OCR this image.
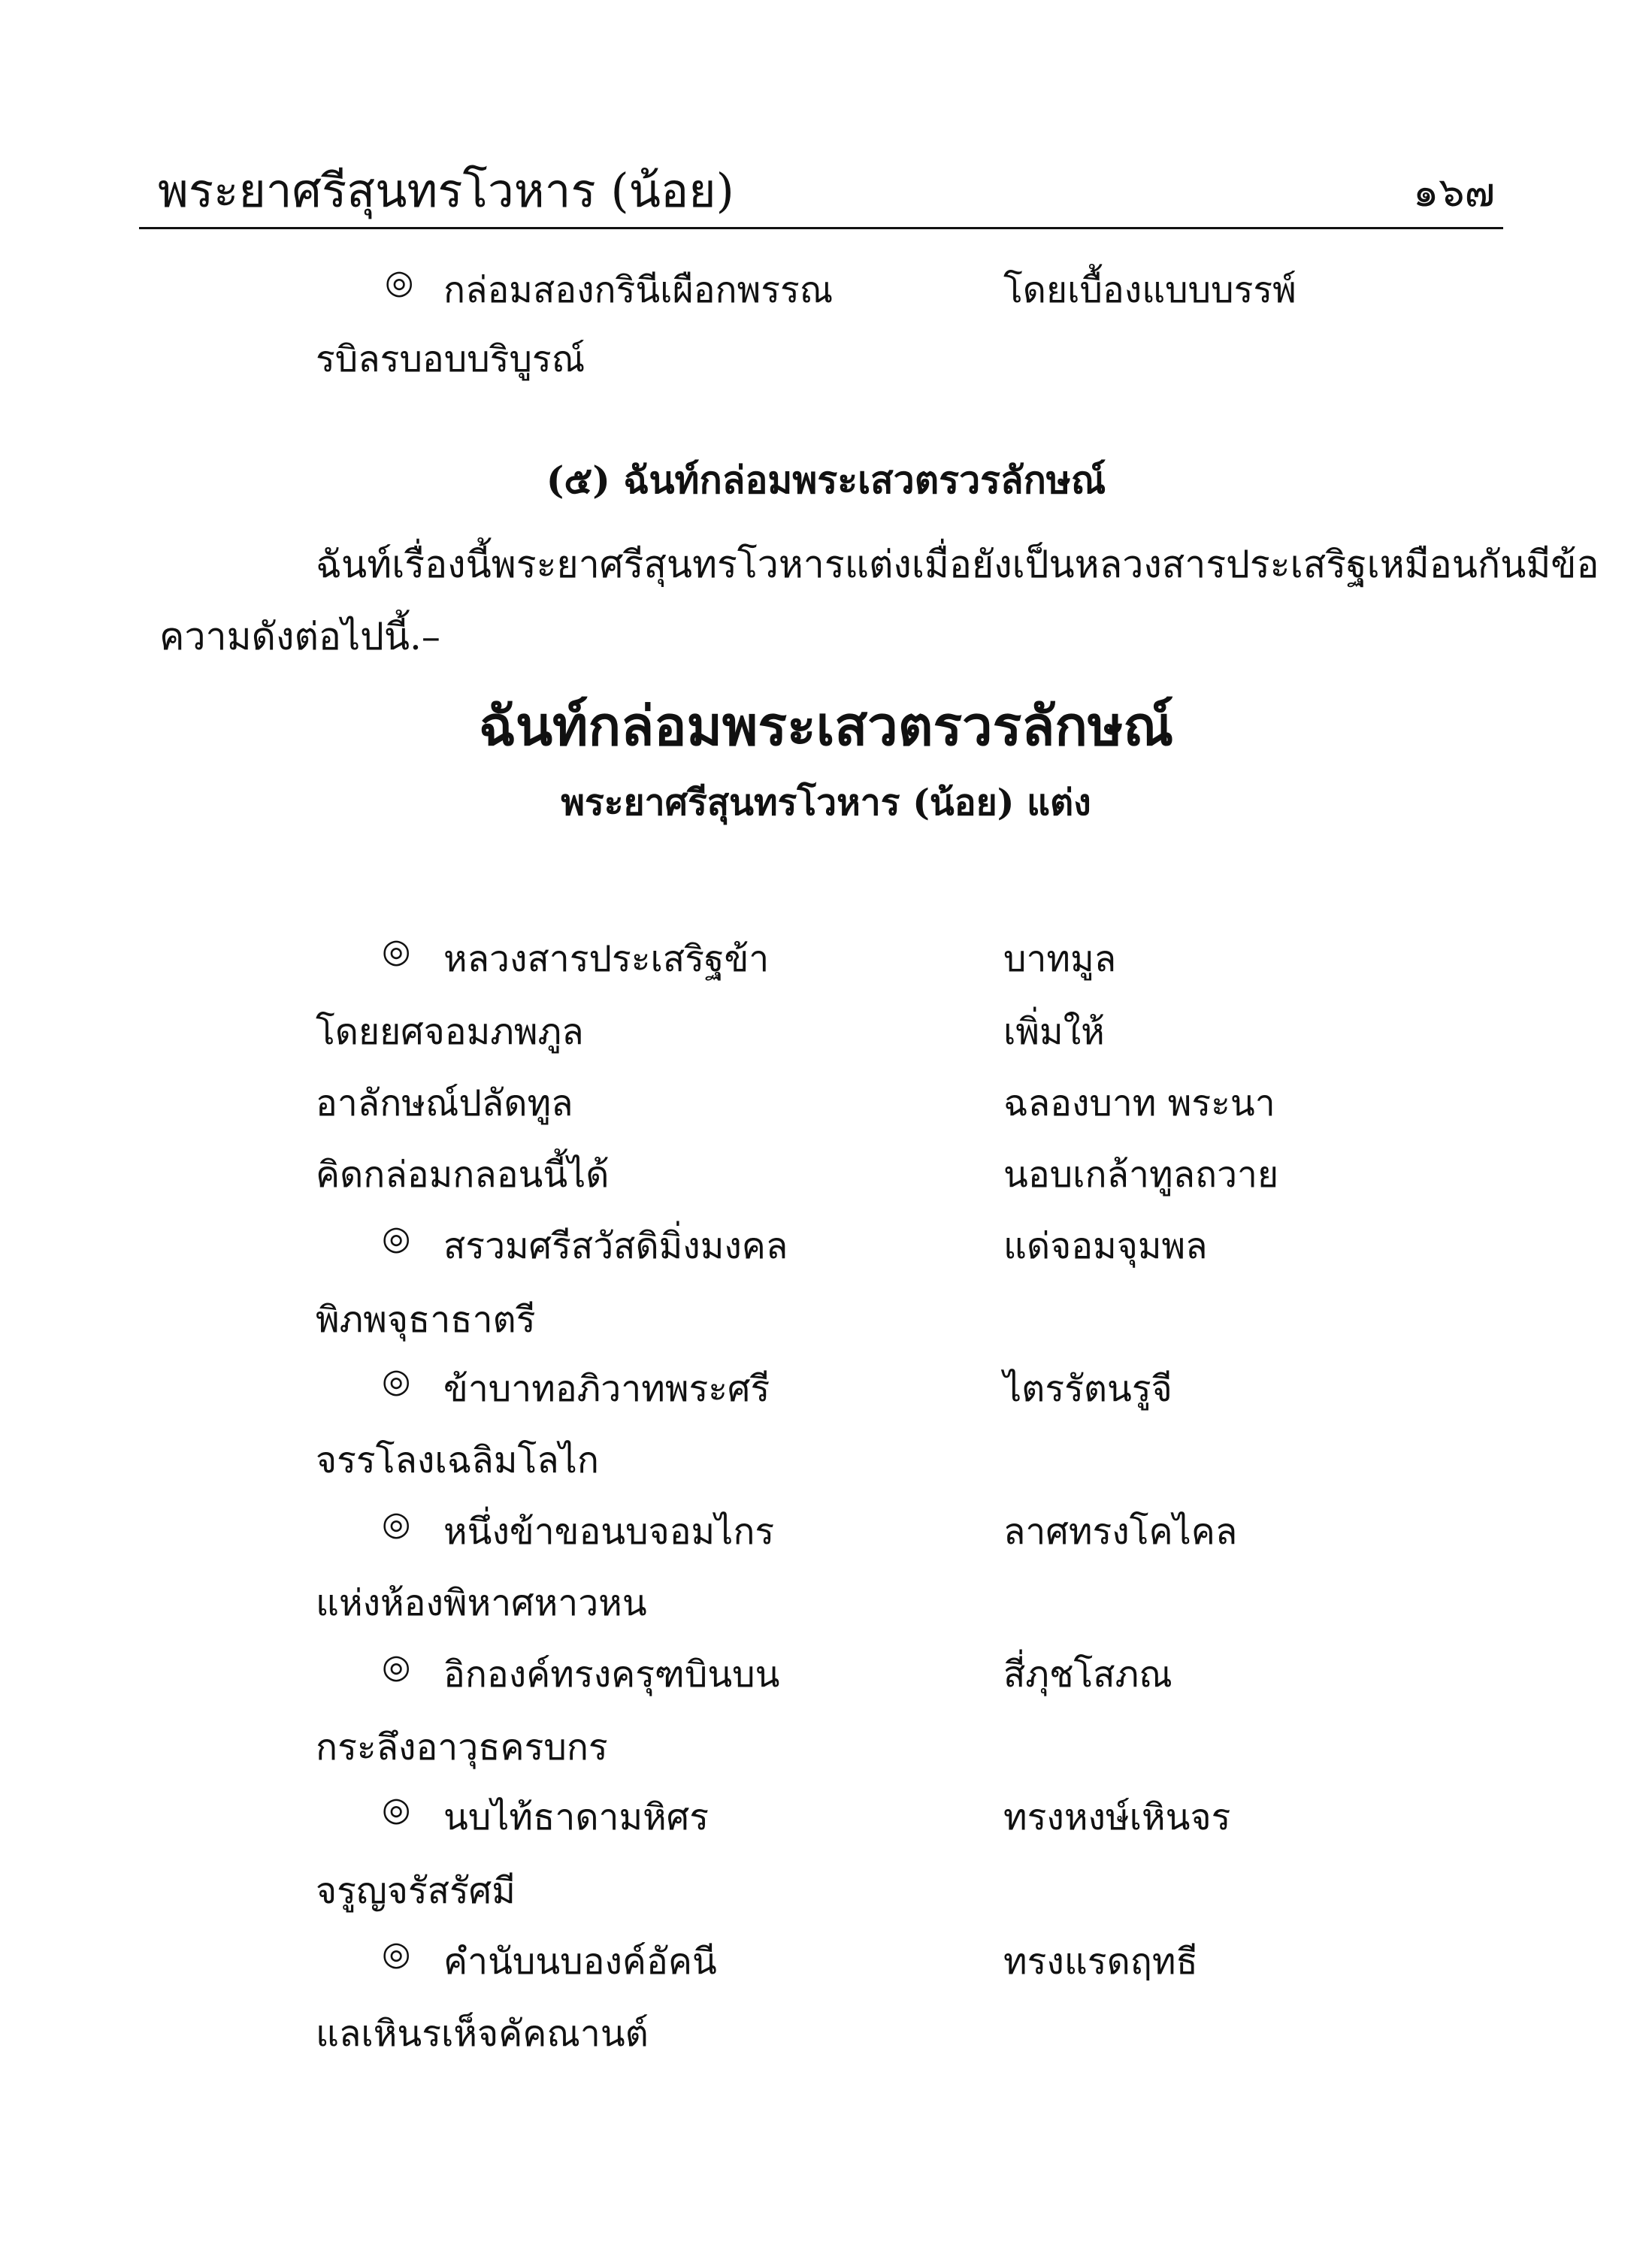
พระยาศรีสุนทรโวหาร (น้อย)	๑๖๗
◎ กล่อมสองกรินีเผือกพรรณ	โดยเบื้องแบบบรรพ์
รบิลรบอบบริบูรณ์
(๕) ฉันท์กล่อมพระเสวตรวรลักษณ์
ฉันท์เรื่องนี้พระยาศรีสุนทรโวหารแต่งเมื่อยังเป็นหลวงสารประเสริฐเหมือนกันมีข้อ
ความดังต่อไปนี้.–
ฉันท์กล่อมพระเสวตรวรลักษณ์
พระยาศรีสุนทรโวหาร (น้อย) แต่ง
◎ หลวงสารประเสริฐข้า	บาทมูล
โดยยศจอมภพภูล	เพิ่มให้
อาลักษณ์ปลัดทูล	ฉลองบาท พระนา
คิดกล่อมกลอนนี้ได้	นอบเกล้าทูลถวาย
◎ สรวมศรีสวัสดิมิ่งมงคล	แด่จอมจุมพล
พิภพจุธาธาตรี
◎ ข้าบาทอภิวาทพระศรี	ไตรรัตนรูจี
จรรโลงเฉลิมโลไก
◎ หนึ่งข้าขอนบจอมไกร	ลาศทรงโคไคล
แห่งห้องพิหาศหาวหน
◎ อิกองค์ทรงครุฑบินบน	สี่ภุชโสภณ
กระลึงอาวุธครบกร
◎ นบไท้ธาดามหิศร	ทรงหงษ์เหินจร
จรูญจรัสรัศมี
◎ คำนับนบองค์อัคนี	ทรงแรดฤทธี
แลเหินรเห็จคัคณานต์
